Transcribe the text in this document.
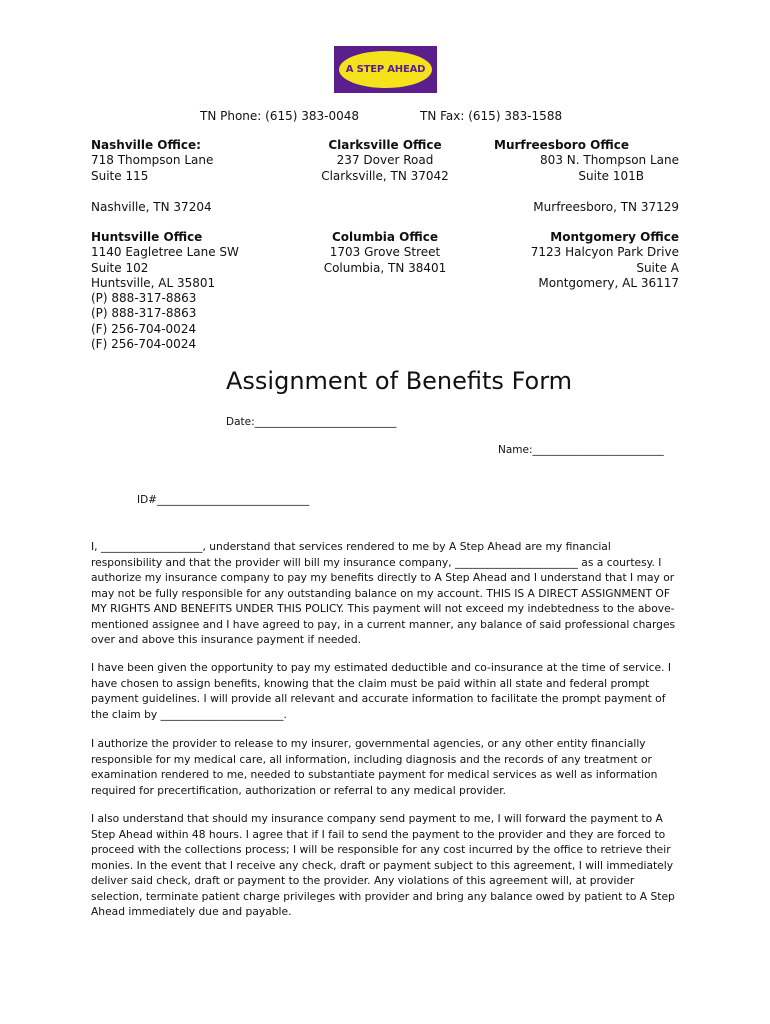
A STEP AHEAD
TN Phone: (615) 383-0048	TN Fax: (615) 383-1588
Nashville Office:
718 Thompson Lane
Suite 115
Nashville, TN 37204
Clarksville Office
237 Dover Road
Clarksville, TN 37042
Murfreesboro Office
803 N. Thompson Lane
Suite 101B
Murfreesboro, TN 37129
Huntsville Office
1140 Eagletree Lane SW
Suite 102
Huntsville, AL 35801
(P) 888-317-8863
(P) 888-317-8863
(F) 256-704-0024
(F) 256-704-0024
Columbia Office
1703 Grove Street
Columbia, TN 38401
Montgomery Office
7123 Halcyon Park Drive
Suite A
Montgomery, AL 36117
Assignment of Benefits Form
Date:___________________________
Name:_________________________
ID#_____________________________

I, ___________________, understand that services rendered to me by A Step Ahead are my financial responsibility and that the provider will bill my insurance company, _______________________ as a courtesy. I authorize my insurance company to pay my benefits directly to A Step Ahead and I understand that I may or may not be fully responsible for any outstanding balance on my account. THIS IS A DIRECT ASSIGNMENT OF MY RIGHTS AND BENEFITS UNDER THIS POLICY. This payment will not exceed my indebtedness to the above-mentioned assignee and I have agreed to pay, in a current manner, any balance of said professional charges over and above this insurance payment if needed.

I have been given the opportunity to pay my estimated deductible and co-insurance at the time of service. I have chosen to assign benefits, knowing that the claim must be paid within all state and federal prompt payment guidelines. I will provide all relevant and accurate information to facilitate the prompt payment of the claim by _______________________.

I authorize the provider to release to my insurer, governmental agencies, or any other entity financially responsible for my medical care, all information, including diagnosis and the records of any treatment or examination rendered to me, needed to substantiate payment for medical services as well as information required for precertification, authorization or referral to any medical provider.

I also understand that should my insurance company send payment to me, I will forward the payment to A Step Ahead within 48 hours. I agree that if I fail to send the payment to the provider and they are forced to proceed with the collections process; I will be responsible for any cost incurred by the office to retrieve their monies. In the event that I receive any check, draft or payment subject to this agreement, I will immediately deliver said check, draft or payment to the provider. Any violations of this agreement will, at provider selection, terminate patient charge privileges with provider and bring any balance owed by patient to A Step Ahead immediately due and payable.
